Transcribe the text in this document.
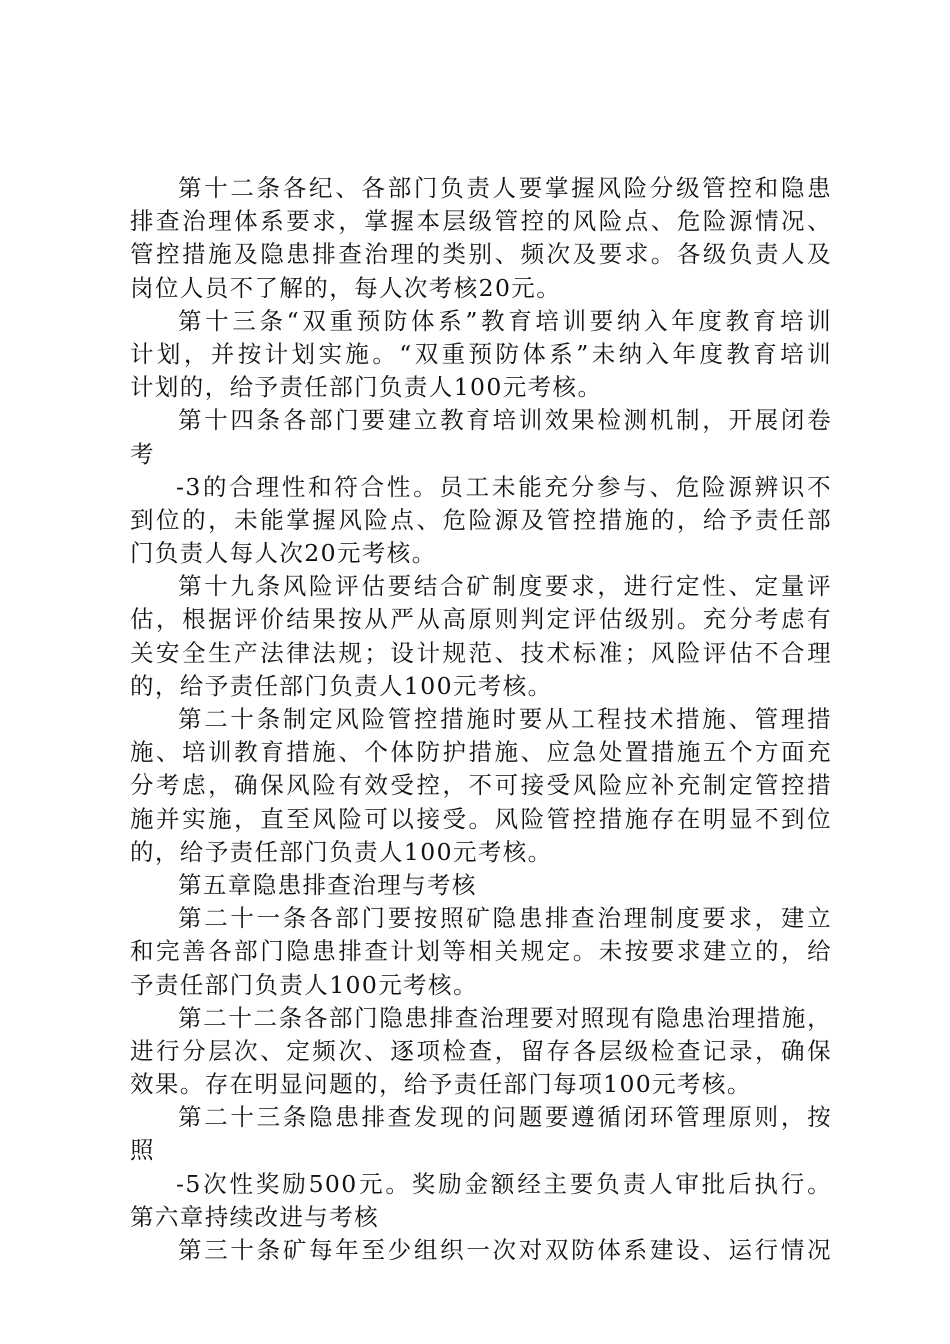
第十二条各纪、各部门负责人要掌握风险分级管控和隐患
排查治理体系要求，掌握本层级管控的风险点、危险源情况、
管控措施及隐患排查治理的类别、频次及要求。各级负责人及
岗位人员不了解的，每人次考核20元。
第十三条“双重预防体系”教育培训要纳入年度教育培训
计划，并按计划实施。“双重预防体系”未纳入年度教育培训
计划的，给予责任部门负责人100元考核。
第十四条各部门要建立教育培训效果检测机制，开展闭卷
考
-3的合理性和符合性。员工未能充分参与、危险源辨识不
到位的，未能掌握风险点、危险源及管控措施的，给予责任部
门负责人每人次20元考核。
第十九条风险评估要结合矿制度要求，进行定性、定量评
估，根据评价结果按从严从高原则判定评估级别。充分考虑有
关安全生产法律法规；设计规范、技术标准；风险评估不合理
的，给予责任部门负责人100元考核。
第二十条制定风险管控措施时要从工程技术措施、管理措
施、培训教育措施、个体防护措施、应急处置措施五个方面充
分考虑，确保风险有效受控，不可接受风险应补充制定管控措
施并实施，直至风险可以接受。风险管控措施存在明显不到位
的，给予责任部门负责人100元考核。
第五章隐患排查治理与考核
第二十一条各部门要按照矿隐患排查治理制度要求，建立
和完善各部门隐患排查计划等相关规定。未按要求建立的，给
予责任部门负责人100元考核。
第二十二条各部门隐患排查治理要对照现有隐患治理措施，
进行分层次、定频次、逐项检查，留存各层级检查记录，确保
效果。存在明显问题的，给予责任部门每项100元考核。
第二十三条隐患排查发现的问题要遵循闭环管理原则，按
照
-5次性奖励500元。奖励金额经主要负责人审批后执行。
第六章持续改进与考核
第三十条矿每年至少组织一次对双防体系建设、运行情况
